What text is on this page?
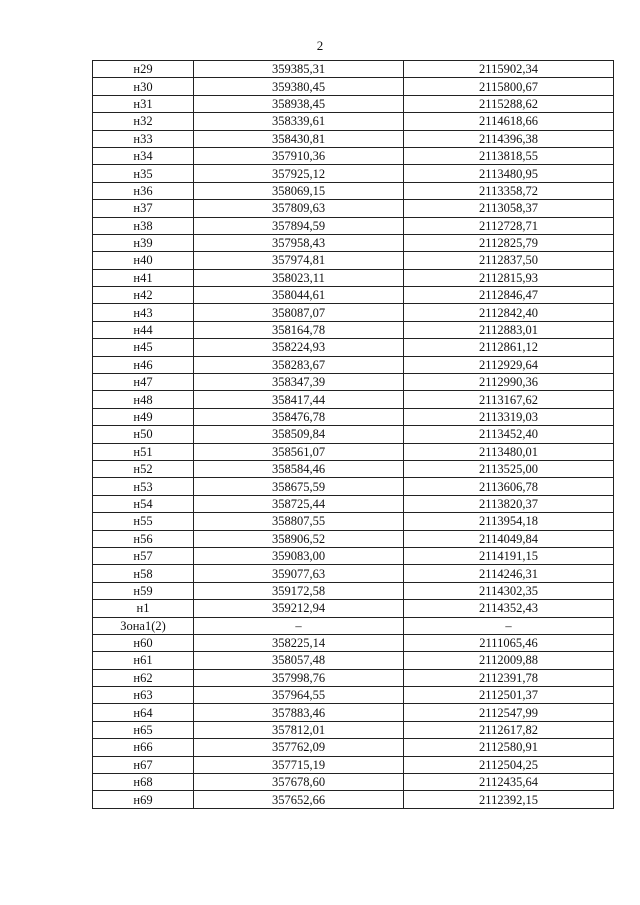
2
н29	359385,31	2115902,34
н30	359380,45	2115800,67
н31	358938,45	2115288,62
н32	358339,61	2114618,66
н33	358430,81	2114396,38
н34	357910,36	2113818,55
н35	357925,12	2113480,95
н36	358069,15	2113358,72
н37	357809,63	2113058,37
н38	357894,59	2112728,71
н39	357958,43	2112825,79
н40	357974,81	2112837,50
н41	358023,11	2112815,93
н42	358044,61	2112846,47
н43	358087,07	2112842,40
н44	358164,78	2112883,01
н45	358224,93	2112861,12
н46	358283,67	2112929,64
н47	358347,39	2112990,36
н48	358417,44	2113167,62
н49	358476,78	2113319,03
н50	358509,84	2113452,40
н51	358561,07	2113480,01
н52	358584,46	2113525,00
н53	358675,59	2113606,78
н54	358725,44	2113820,37
н55	358807,55	2113954,18
н56	358906,52	2114049,84
н57	359083,00	2114191,15
н58	359077,63	2114246,31
н59	359172,58	2114302,35
н1	359212,94	2114352,43
Зона1(2)	–	–
н60	358225,14	2111065,46
н61	358057,48	2112009,88
н62	357998,76	2112391,78
н63	357964,55	2112501,37
н64	357883,46	2112547,99
н65	357812,01	2112617,82
н66	357762,09	2112580,91
н67	357715,19	2112504,25
н68	357678,60	2112435,64
н69	357652,66	2112392,15
